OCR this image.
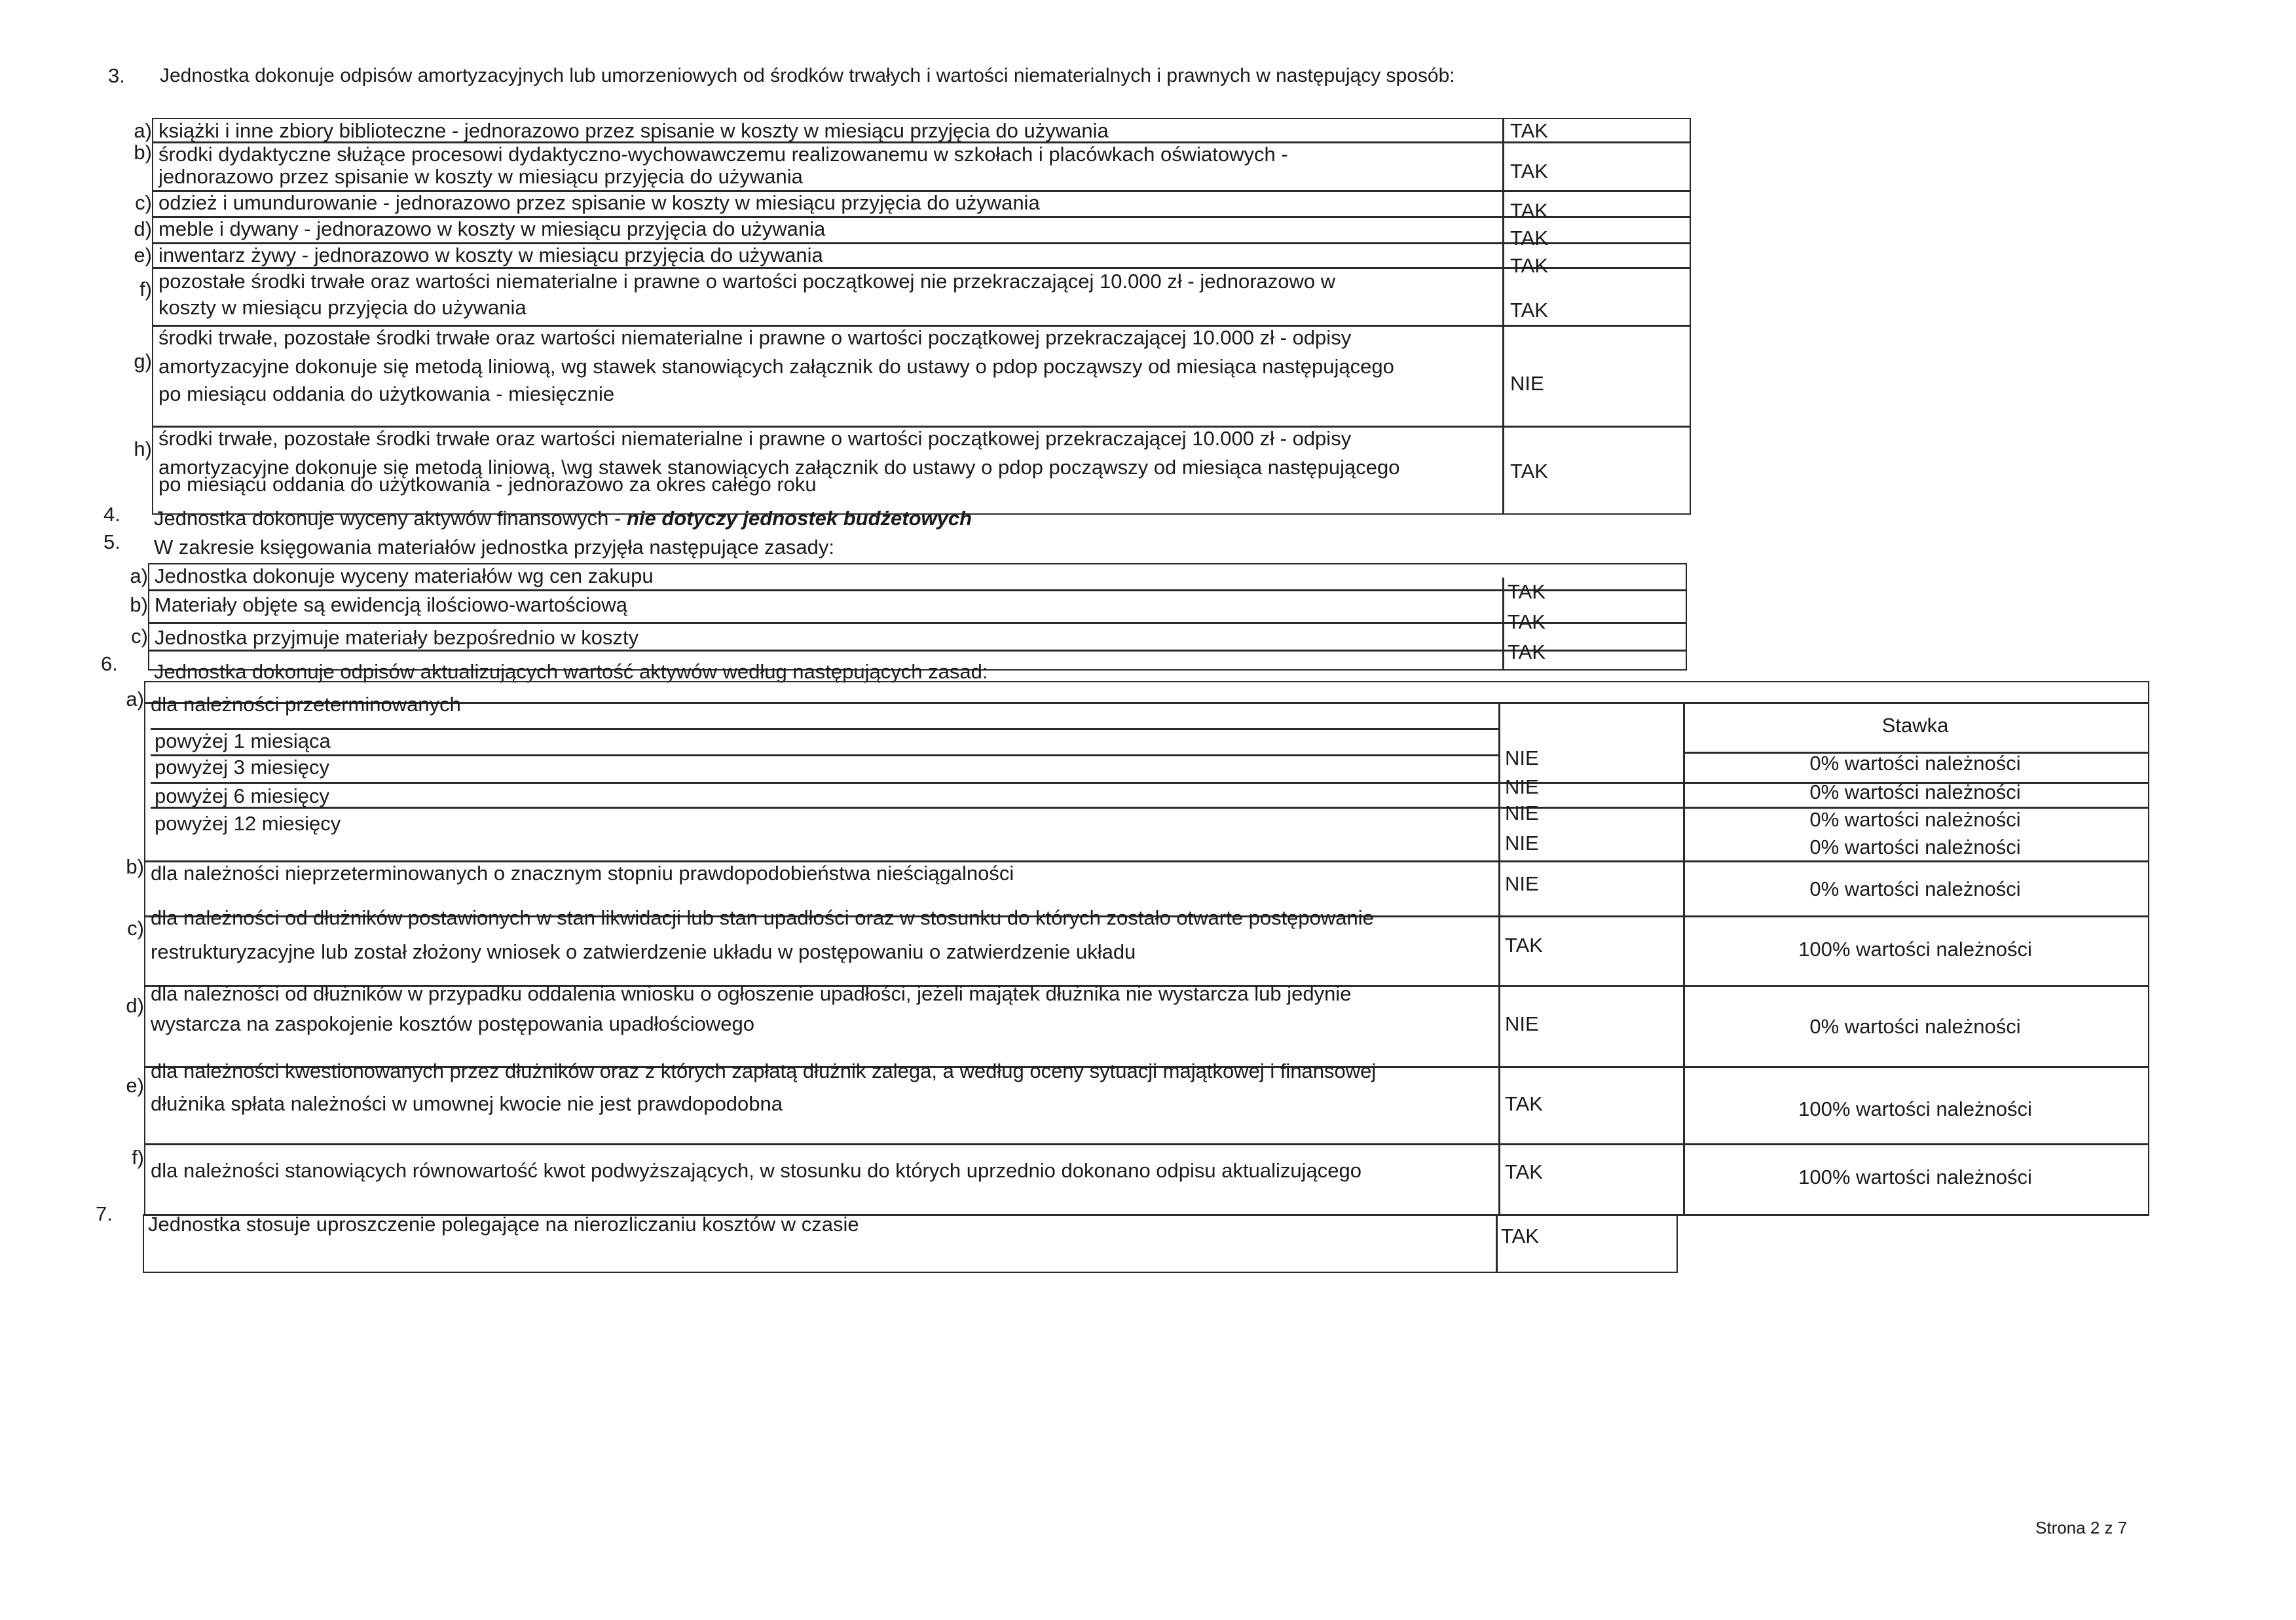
3. Jednostka dokonuje odpisów amortyzacyjnych lub umorzeniowych od środków trwałych i wartości niematerialnych i prawnych w następujący sposób:
a) książki i inne zbiory biblioteczne - jednorazowo przez spisanie w koszty w miesiącu przyjęcia do używania	TAK
b) środki dydaktyczne służące procesowi dydaktyczno-wychowawczemu realizowanemu w szkołach i placówkach oświatowych -
jednorazowo przez spisanie w koszty w miesiącu przyjęcia do używania	TAK
c) odzież i umundurowanie - jednorazowo przez spisanie w koszty w miesiącu przyjęcia do używania	TAK
d) meble i dywany - jednorazowo w koszty w miesiącu przyjęcia do używania	TAK
e) inwentarz żywy - jednorazowo w koszty w miesiącu przyjęcia do używania	TAK
f) pozostałe środki trwałe oraz wartości niematerialne i prawne o wartości początkowej nie przekraczającej 10.000 zł - jednorazowo w
koszty w miesiącu przyjęcia do używania	TAK
g)
środki trwałe, pozostałe środki trwałe oraz wartości niematerialne i prawne o wartości początkowej przekraczającej 10.000 zł - odpisy
amortyzacyjne dokonuje się metodą liniową, wg stawek stanowiących załącznik do ustawy o pdop począwszy od miesiąca następującego
po miesiącu oddania do użytkowania - miesięcznie	NIE
h) środki trwałe, pozostałe środki trwałe oraz wartości niematerialne i prawne o wartości początkowej przekraczającej 10.000 zł - odpisy
amortyzacyjne dokonuje się metodą liniową, \wg stawek stanowiących załącznik do ustawy o pdop począwszy od miesiąca następującego
po miesiącu oddania do użytkowania - jednorazowo za okres całego roku
TAK
4. Jednostka dokonuje wyceny aktywów finansowych - nie dotyczy jednostek budżetowych
5. W zakresie księgowania materiałów jednostka przyjęła następujące zasady:
a) Jednostka dokonuje wyceny materiałów wg cen zakupu
TAK
b) Materiały objęte są ewidencją ilościowo-wartościową
TAK
c) Jednostka przyjmuje materiały bezpośrednio w koszty
TAK
6. Jednostka dokonuje odpisów aktualizujących wartość aktywów według następujących zasad:
Stawka
a) dla należności przeterminowanych
powyżej 1 miesiąca
NIE	0% wartości należności
powyżej 3 miesięcy
NIE	0% wartości należności
powyżej 6 miesięcy
NIE	0% wartości należności
powyżej 12 miesięcy
NIE	0% wartości należności
b) dla należności nieprzeterminowanych o znacznym stopniu prawdopodobieństwa nieściągalności	NIE	0% wartości należności
c) dla należności od dłużników postawionych w stan likwidacji lub stan upadłości oraz w stosunku do których zostało otwarte postępowanie
restrukturyzacyjne lub został złożony wniosek o zatwierdzenie układu w postępowaniu o zatwierdzenie układu	TAK	100% wartości należności
d)
dla należności od dłużników w przypadku oddalenia wniosku o ogłoszenie upadłości, jeżeli majątek dłużnika nie wystarcza lub jedynie
wystarcza na zaspokojenie kosztów postępowania upadłościowego	NIE	0% wartości należności
e)
dla należności kwestionowanych przez dłużników oraz z których zapłatą dłużnik zalega, a według oceny sytuacji majątkowej i finansowej
dłużnika spłata należności w umownej kwocie nie jest prawdopodobna	TAK	100% wartości należności
f)
dla należności stanowiących równowartość kwot podwyższających, w stosunku do których uprzednio dokonano odpisu aktualizującego	TAK	100% wartości należności
7. Jednostka stosuje uproszczenie polegające na nierozliczaniu kosztów w czasie
TAK
Strona 2 z 7
